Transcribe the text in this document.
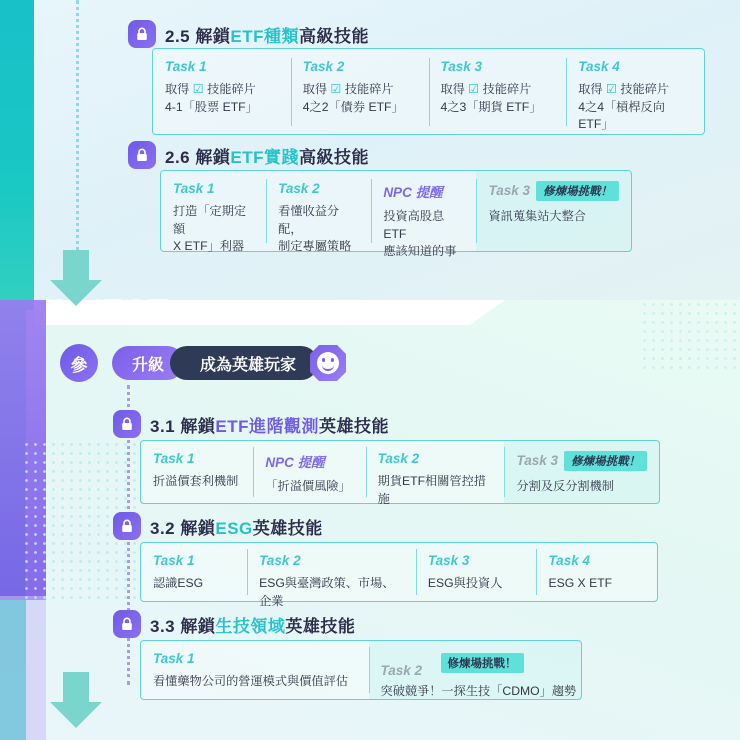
INVEST
2.5 解鎖ETF種類高級技能
Task 1
取得 ☑ 技能碎片
4-1「股票 ETF」
Task 2
取得 ☑ 技能碎片
4之2「債券 ETF」
Task 3
取得 ☑ 技能碎片
4之3「期貨 ETF」
Task 4
取得 ☑ 技能碎片
4之4「槓桿反向 ETF」
2.6 解鎖ETF實踐高級技能
Task 1
打造「定期定額
X ETF」利器
Task 2
看懂收益分配，
制定專屬策略
NPC 提醒
投資高股息ETF
應該知道的事
Task 3 修煉場挑戰！
資訊蒐集站大整合
參	升級	成為英雄玩家
3.1 解鎖ETF進階觀測英雄技能
Task 1
折溢價套利機制
NPC 提醒
「折溢價風險」
Task 2
期貨ETF相關管控措施
Task 3 修煉場挑戰！
分割及反分割機制
3.2 解鎖ESG英雄技能
Task 1
認識ESG
Task 2
ESG與臺灣政策、市場、企業
Task 3
ESG與投資人
Task 4
ESG X ETF
3.3 解鎖生技領域英雄技能
Task 1
看懂藥物公司的營運模式與價值評估
Task 2
突破競爭！一探生技「CDMO」趨勢
修煉場挑戰！
